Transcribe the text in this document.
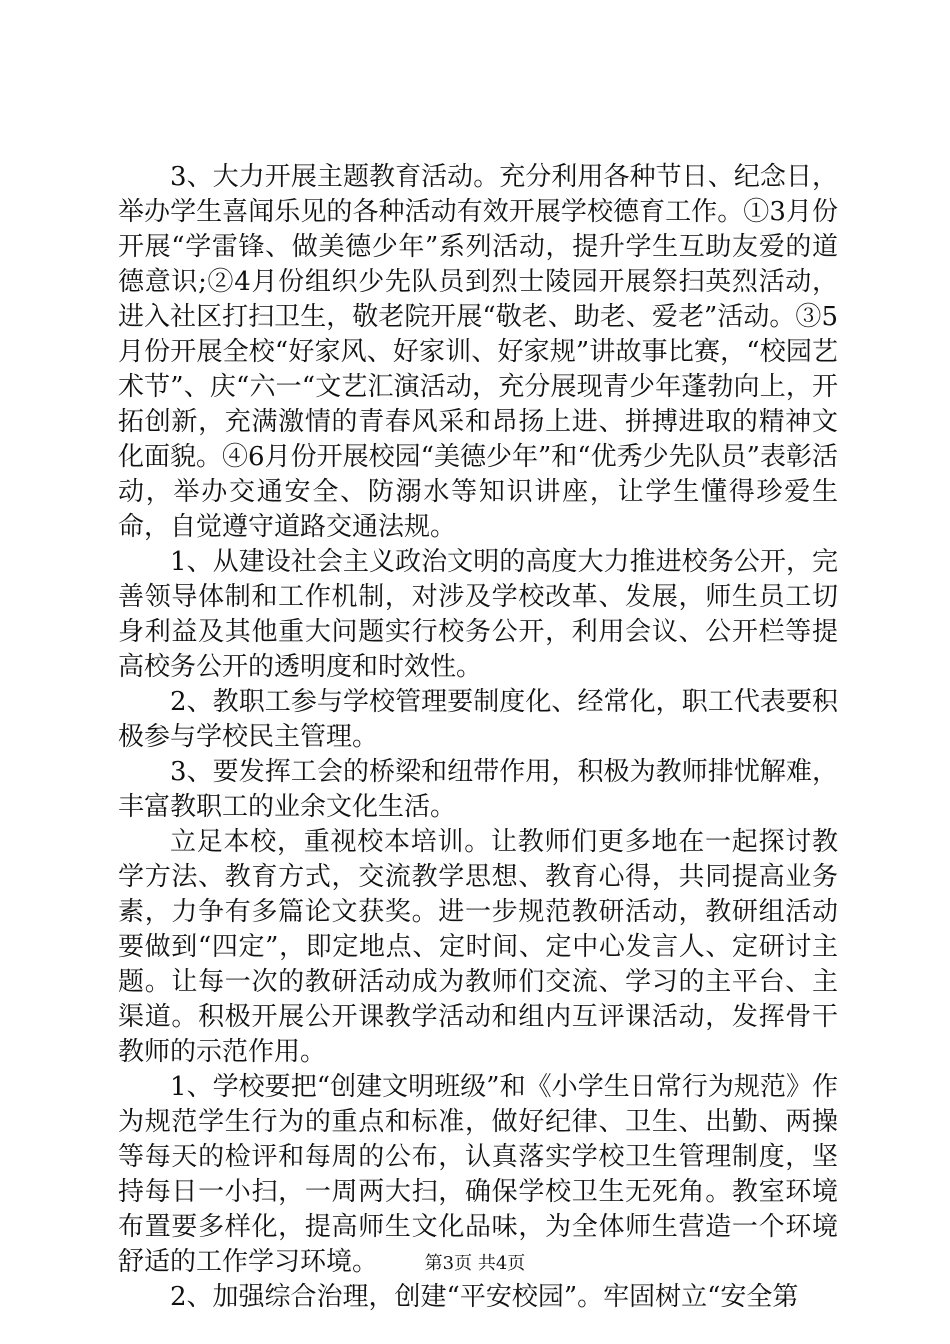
3、大力开展主题教育活动。充分利用各种节日、纪念日，举办学生喜闻乐见的各种活动有效开展学校德育工作。①3月份开展“学雷锋、做美德少年”系列活动，提升学生互助友爱的道德意识;②4月份组织少先队员到烈士陵园开展祭扫英烈活动，进入社区打扫卫生，敬老院开展“敬老、助老、爱老”活动。③5月份开展全校“好家风、好家训、好家规”讲故事比赛，“校园艺术节”、庆“六一“文艺汇演活动，充分展现青少年蓬勃向上，开拓创新，充满激情的青春风采和昂扬上进、拼搏进取的精神文化面貌。④6月份开展校园“美德少年”和“优秀少先队员”表彰活动，举办交通安全、防溺水等知识讲座，让学生懂得珍爱生命，自觉遵守道路交通法规。

1、从建设社会主义政治文明的高度大力推进校务公开，完善领导体制和工作机制，对涉及学校改革、发展，师生员工切身利益及其他重大问题实行校务公开，利用会议、公开栏等提高校务公开的透明度和时效性。

2、教职工参与学校管理要制度化、经常化，职工代表要积极参与学校民主管理。

3、要发挥工会的桥梁和纽带作用，积极为教师排忧解难，丰富教职工的业余文化生活。

立足本校，重视校本培训。让教师们更多地在一起探讨教学方法、教育方式，交流教学思想、教育心得，共同提高业务素，力争有多篇论文获奖。进一步规范教研活动，教研组活动要做到“四定”，即定地点、定时间、定中心发言人、定研讨主题。让每一次的教研活动成为教师们交流、学习的主平台、主渠道。积极开展公开课教学活动和组内互评课活动，发挥骨干教师的示范作用。

1、学校要把“创建文明班级”和《小学生日常行为规范》作为规范学生行为的重点和标准，做好纪律、卫生、出勤、两操等每天的检评和每周的公布，认真落实学校卫生管理制度，坚持每日一小扫，一周两大扫，确保学校卫生无死角。教室环境布置要多样化，提高师生文化品味，为全体师生营造一个环境舒适的工作学习环境。

2、加强综合治理，创建“平安校园”。牢固树立“安全第

第3页 共4页
